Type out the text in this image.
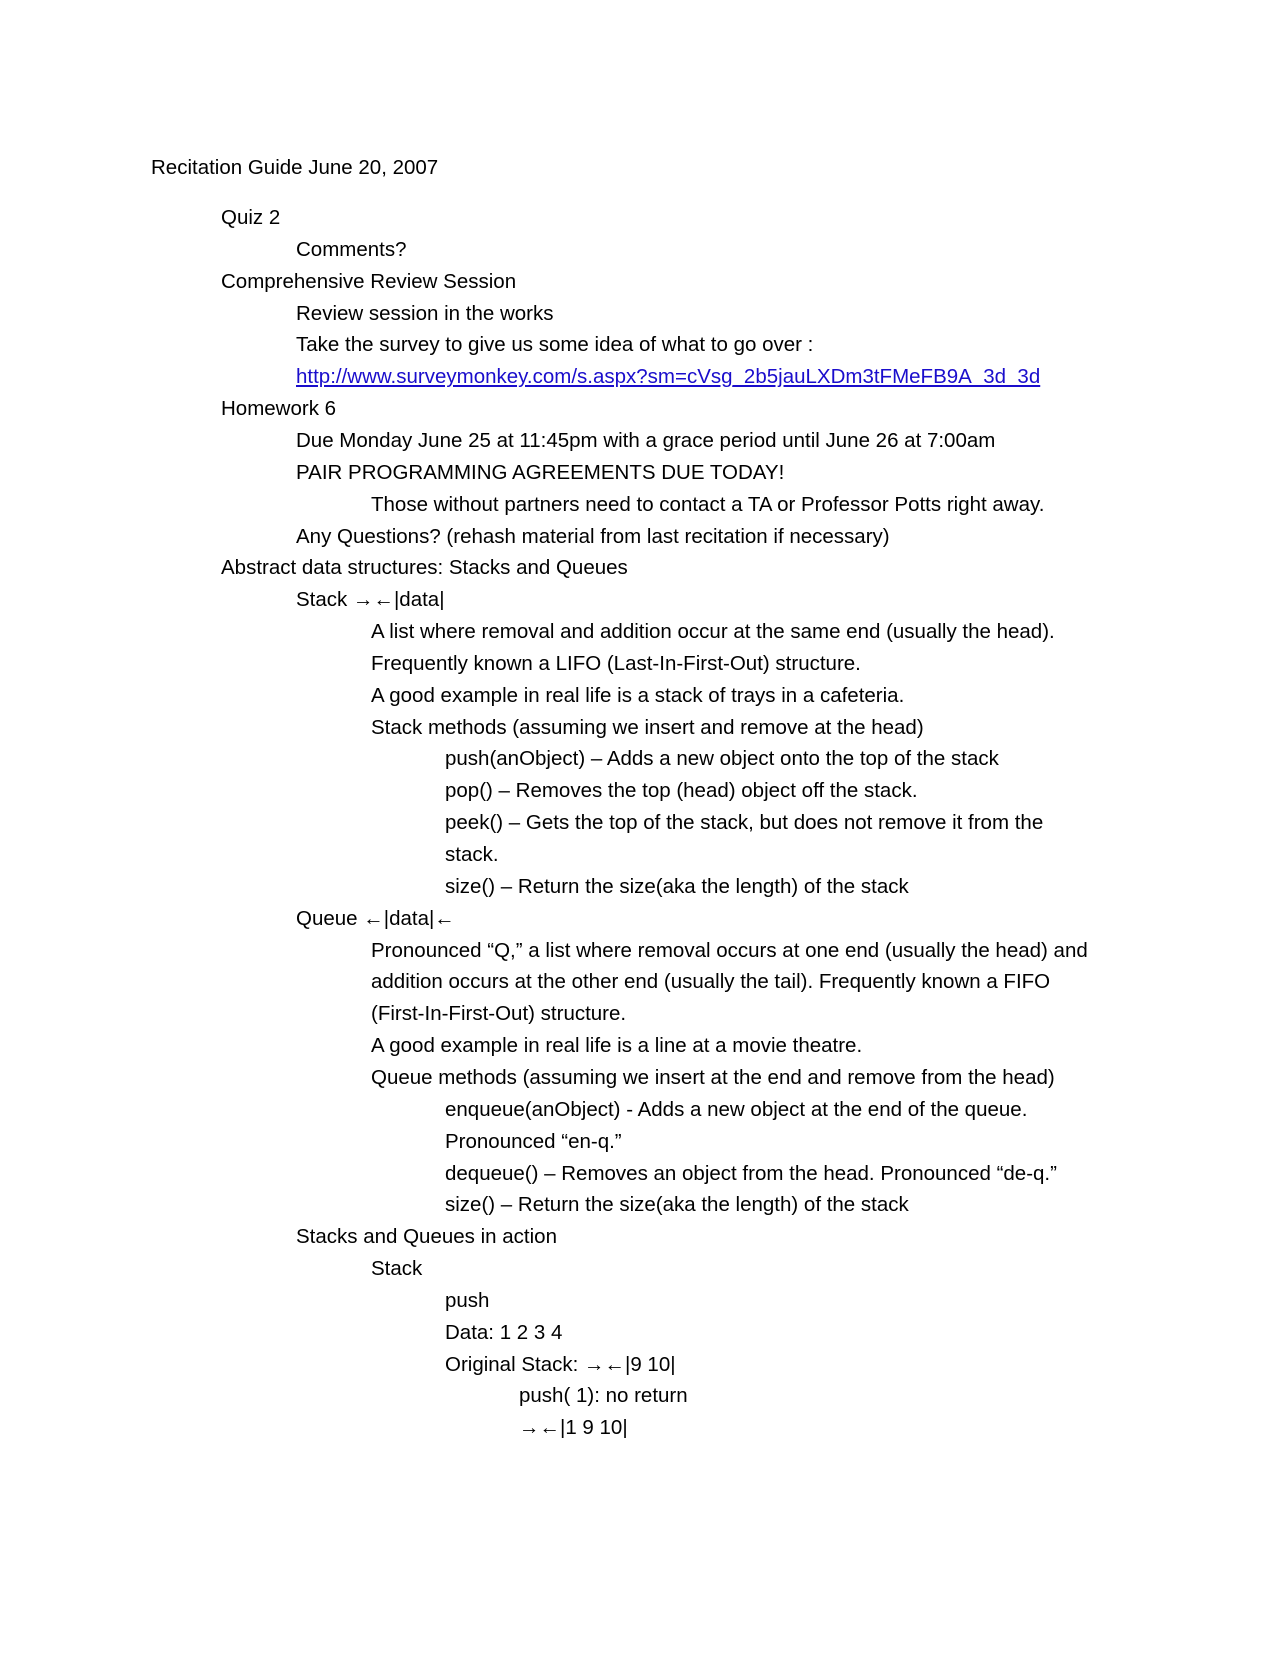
Recitation Guide June 20, 2007
Quiz 2
Comments?
Comprehensive Review Session
Review session in the works
Take the survey to give us some idea of what to go over :
http://www.surveymonkey.com/s.aspx?sm=cVsg_2b5jauLXDm3tFMeFB9A_3d_3d
Homework 6
Due Monday June 25 at 11:45pm with a grace period until June 26 at 7:00am
PAIR PROGRAMMING AGREEMENTS DUE TODAY!
Those without partners need to contact a TA or Professor Potts right away.
Any Questions? (rehash material from last recitation if necessary)
Abstract data structures: Stacks and Queues
Stack →←|data|
A list where removal and addition occur at the same end (usually the head).
Frequently known a LIFO (Last-In-First-Out) structure.
A good example in real life is a stack of trays in a cafeteria.
Stack methods (assuming we insert and remove at the head)
push(anObject) – Adds a new object onto the top of the stack
pop() – Removes the top (head) object off the stack.
peek() – Gets the top of the stack, but does not remove it from the
stack.
size() – Return the size(aka the length) of the stack
Queue ←|data|←
Pronounced “Q,” a list where removal occurs at one end (usually the head) and
addition occurs at the other end (usually the tail). Frequently known a FIFO
(First-In-First-Out) structure.
A good example in real life is a line at a movie theatre.
Queue methods (assuming we insert at the end and remove from the head)
enqueue(anObject) - Adds a new object at the end of the queue.
Pronounced “en-q.”
dequeue() – Removes an object from the head. Pronounced “de-q.”
size() – Return the size(aka the length) of the stack
Stacks and Queues in action
Stack
push
Data: 1 2 3 4
Original Stack: →←|9 10|
push( 1): no return
→←|1 9 10|
